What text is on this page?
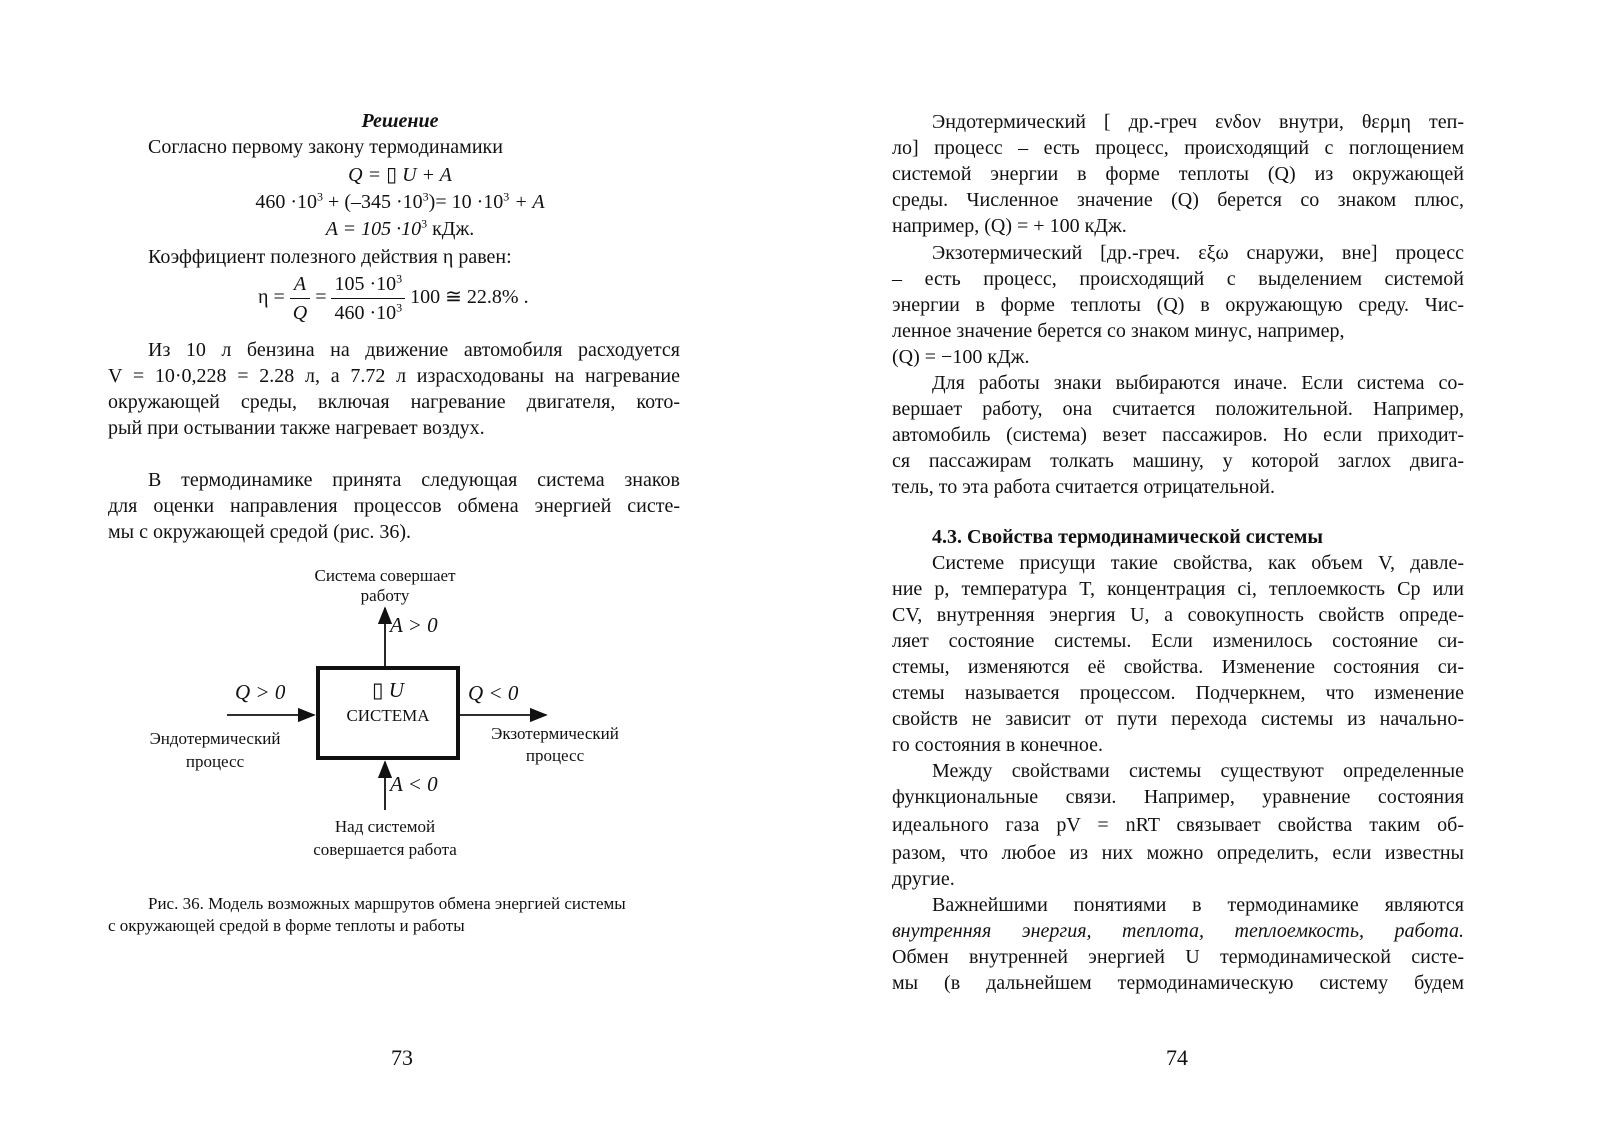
Решение
Согласно первому закону термодинамики
Q = ▯ U + A
$460 \cdot 10^3 + (-345 \cdot 10^3)= 10 \cdot 10^3 + A$
$A = 105 \cdot 10^3$ кДж.
Коэффициент полезного действия η равен:
$\eta = \frac{A}{Q} = \frac{105 \cdot 10^3}{460 \cdot 10^3} 100$ ≅ 22.8% .
Из 10 л бензина на движение автомобиля расходуется
V = 10·0,228 = 2.28 л, а 7.72 л израсходованы на нагревание
окружающей среды, включая нагревание двигателя, кото-
рый при остывании также нагревает воздух.
В термодинамике принята следующая система знаков
для оценки направления процессов обмена энергией систе-
мы с окружающей средой (рис. 36).
Система совершает
работу
A > 0
Q > 0
Эндотермический
процесс
▯ U
СИСТЕМА
Q < 0
Экзотермический
процесс
A < 0
Над системой
совершается работа
Рис. 36. Модель возможных маршрутов обмена энергией системы
с окружающей средой в форме теплоты и работы
73
Эндотермический [ др.-греч ενδον внутри, θερμη теп-
ло] процесс – есть процесс, происходящий с поглощением
системой энергии в форме теплоты (Q) из окружающей
среды. Численное значение (Q) берется со знаком плюс,
например, (Q) = + 100 кДж.
Экзотермический [др.-греч. εξω снаружи, вне] процесс
– есть процесс, происходящий с выделением системой
энергии в форме теплоты (Q) в окружающую среду. Чис-
ленное значение берется со знаком минус, например,
(Q) = −100 кДж.
Для работы знаки выбираются иначе. Если система со-
вершает работу, она считается положительной. Например,
автомобиль (система) везет пассажиров. Но если приходит-
ся пассажирам толкать машину, у которой заглох двига-
тель, то эта работа считается отрицательной.
4.3. Свойства термодинамической системы
Системе присущи такие свойства, как объем V, давле-
ние p, температура T, концентрация ci, теплоемкость Cp или
CV, внутренняя энергия U, а совокупность свойств опреде-
ляет состояние системы. Если изменилось состояние си-
стемы, изменяются её свойства. Изменение состояния си-
стемы называется процессом. Подчеркнем, что изменение
свойств не зависит от пути перехода системы из начально-
го состояния в конечное.
Между свойствами системы существуют определенные
функциональные связи. Например, уравнение состояния
идеального газа pV = nRT связывает свойства таким об-
разом, что любое из них можно определить, если известны
другие.
Важнейшими понятиями в термодинамике являются
внутренняя энергия, теплота, теплоемкость, работа.
Обмен внутренней энергией U термодинамической систе-
мы (в дальнейшем термодинамическую систему будем
74
